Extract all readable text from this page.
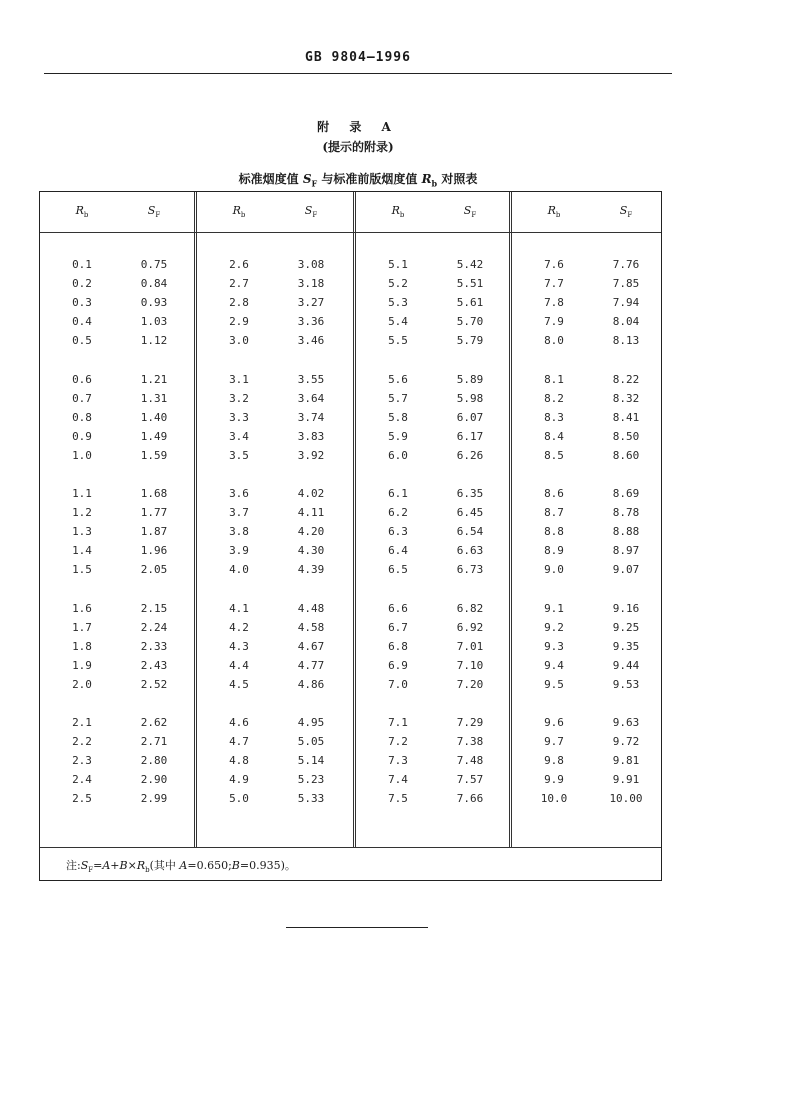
GB 9804—1996
附 录 A
(提示的附录)
标准烟度值 $S_F$ 与标准前版烟度值 $R_b$ 对照表
$R_b$	$S_F$
0.1	0.75
0.2	0.84
0.3	0.93
0.4	1.03
0.5	1.12
0.6	1.21
0.7	1.31
0.8	1.40
0.9	1.49
1.0	1.59
1.1	1.68
1.2	1.77
1.3	1.87
1.4	1.96
1.5	2.05
1.6	2.15
1.7	2.24
1.8	2.33
1.9	2.43
2.0	2.52
2.1	2.62
2.2	2.71
2.3	2.80
2.4	2.90
2.5	2.99
$R_b$	$S_F$
2.6	3.08
2.7	3.18
2.8	3.27
2.9	3.36
3.0	3.46
3.1	3.55
3.2	3.64
3.3	3.74
3.4	3.83
3.5	3.92
3.6	4.02
3.7	4.11
3.8	4.20
3.9	4.30
4.0	4.39
4.1	4.48
4.2	4.58
4.3	4.67
4.4	4.77
4.5	4.86
4.6	4.95
4.7	5.05
4.8	5.14
4.9	5.23
5.0	5.33
$R_b$	$S_F$
5.1	5.42
5.2	5.51
5.3	5.61
5.4	5.70
5.5	5.79
5.6	5.89
5.7	5.98
5.8	6.07
5.9	6.17
6.0	6.26
6.1	6.35
6.2	6.45
6.3	6.54
6.4	6.63
6.5	6.73
6.6	6.82
6.7	6.92
6.8	7.01
6.9	7.10
7.0	7.20
7.1	7.29
7.2	7.38
7.3	7.48
7.4	7.57
7.5	7.66
$R_b$	$S_F$
7.6	7.76
7.7	7.85
7.8	7.94
7.9	8.04
8.0	8.13
8.1	8.22
8.2	8.32
8.3	8.41
8.4	8.50
8.5	8.60
8.6	8.69
8.7	8.78
8.8	8.88
8.9	8.97
9.0	9.07
9.1	9.16
9.2	9.25
9.3	9.35
9.4	9.44
9.5	9.53
9.6	9.63
9.7	9.72
9.8	9.81
9.9	9.91
10.0	10.00
注$:S_F=A+B\times R_b$(其中 A=0.650;B=0.935)。
